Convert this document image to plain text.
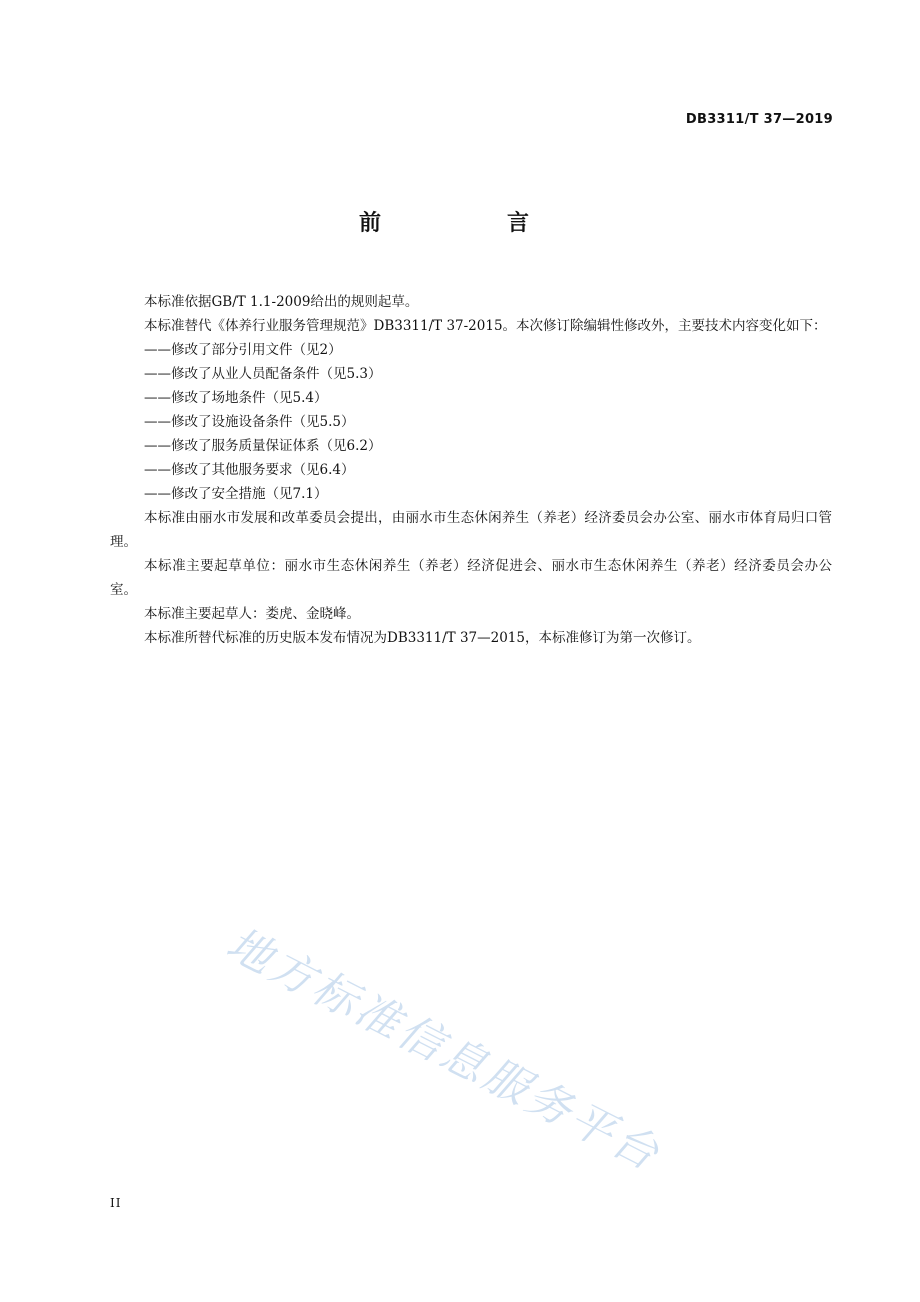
DB3311/T 37—2019
前　言

本标准依据GB/T 1.1-2009给出的规则起草。

本标准替代《体养行业服务管理规范》DB3311/T 37-2015。本次修订除编辑性修改外，主要技术内容变化如下：

——修改了部分引用文件（见2）

——修改了从业人员配备条件（见5.3）

——修改了场地条件（见5.4）

——修改了设施设备条件（见5.5）

——修改了服务质量保证体系（见6.2）

——修改了其他服务要求（见6.4）

——修改了安全措施（见7.1）

本标准由丽水市发展和改革委员会提出，由丽水市生态休闲养生（养老）经济委员会办公室、丽水市体育局归口管理。

本标准主要起草单位：丽水市生态休闲养生（养老）经济促进会、丽水市生态休闲养生（养老）经济委员会办公室。

本标准主要起草人：娄虎、金晓峰。

本标准所替代标准的历史版本发布情况为DB3311/T 37—2015，本标准修订为第一次修订。

地方标准信息服务平台
II
